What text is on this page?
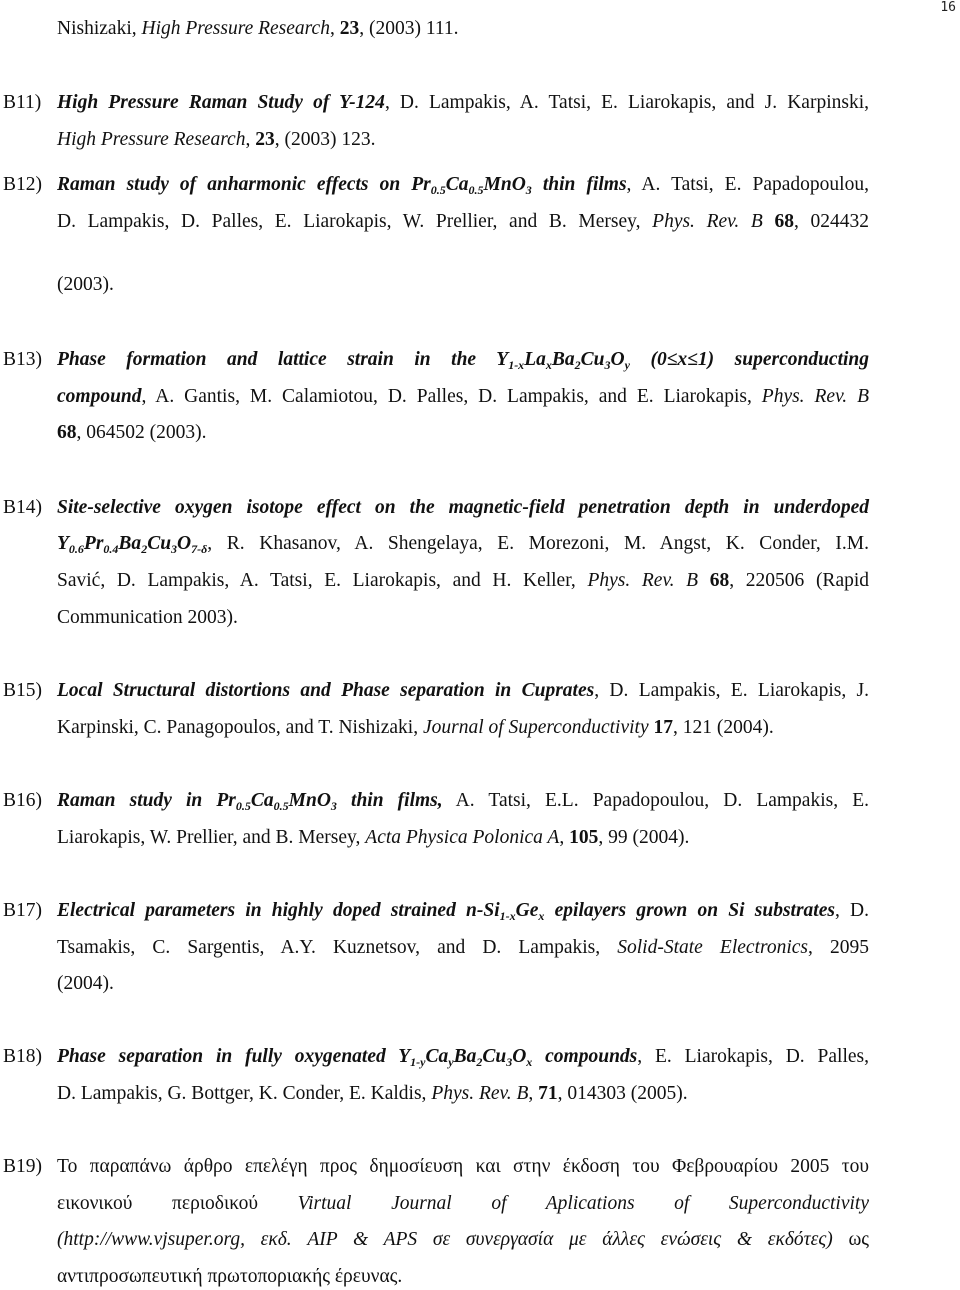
16
Nishizaki, High Pressure Research, 23, (2003) 111.
B11) High Pressure Raman Study of Y-124, D. Lampakis, A. Tatsi, E. Liarokapis, and J. Karpinski,
High Pressure Research, 23, (2003) 123.
B12) Raman study of anharmonic effects on $Pr_{0.5}Ca_{0.5}MnO_3$ thin films, A. Tatsi, E. Papadopoulou,
D. Lampakis, D. Palles, E. Liarokapis, W. Prellier, and B. Mersey, Phys. Rev. B 68, 024432
(2003).
B13) Phase formation and lattice strain in the $Y_{1-x}La_xBa_2Cu_3O_y$ (0≤x≤1) superconducting
compound, A. Gantis, M. Calamiotou, D. Palles, D. Lampakis, and E. Liarokapis, Phys. Rev. B
68, 064502 (2003).
B14) Site-selective oxygen isotope effect on the magnetic-field penetration depth in underdoped
$Y_{0.6}Pr_{0.4}Ba_2Cu_3O_{7-\delta}$, R. Khasanov, A. Shengelaya, E. Morezoni, M. Angst, K. Conder, I.M.
Savić, D. Lampakis, A. Tatsi, E. Liarokapis, and H. Keller, Phys. Rev. B 68, 220506 (Rapid
Communication 2003).
B15) Local Structural distortions and Phase separation in Cuprates, D. Lampakis, E. Liarokapis, J.
Karpinski, C. Panagopoulos, and T. Nishizaki, Journal of Superconductivity 17, 121 (2004).
B16) Raman study in $Pr_{0.5}Ca_{0.5}MnO_3$ thin films, A. Tatsi, E.L. Papadopoulou, D. Lampakis, E.
Liarokapis, W. Prellier, and B. Mersey, Acta Physica Polonica A, 105, 99 (2004).
B17) Electrical parameters in highly doped strained $n-Si_{1-x}Ge_x$ epilayers grown on Si substrates, D.
Tsamakis, C. Sargentis, A.Y. Kuznetsov, and D. Lampakis, Solid-State Electronics, 2095
(2004).
B18) Phase separation in fully oxygenated $Y_{1-y}Ca_yBa_2Cu_3O_x$ compounds, E. Liarokapis, D. Palles,
D. Lampakis, G. Bottger, K. Conder, E. Kaldis, Phys. Rev. B, 71, 014303 (2005).
B19) Το παραπάνω άρθρο επελέγη προς δημοσίευση και στην έκδοση του Φεβρουαρίου 2005 του
εικονικού περιοδικού Virtual Journal of Aplications of Superconductivity
(http://www.vjsuper.org, εκδ. AIP & APS σε συνεργασία με άλλες ενώσεις & εκδότες) ως
αντιπροσωπευτική πρωτοποριακής έρευνας.
